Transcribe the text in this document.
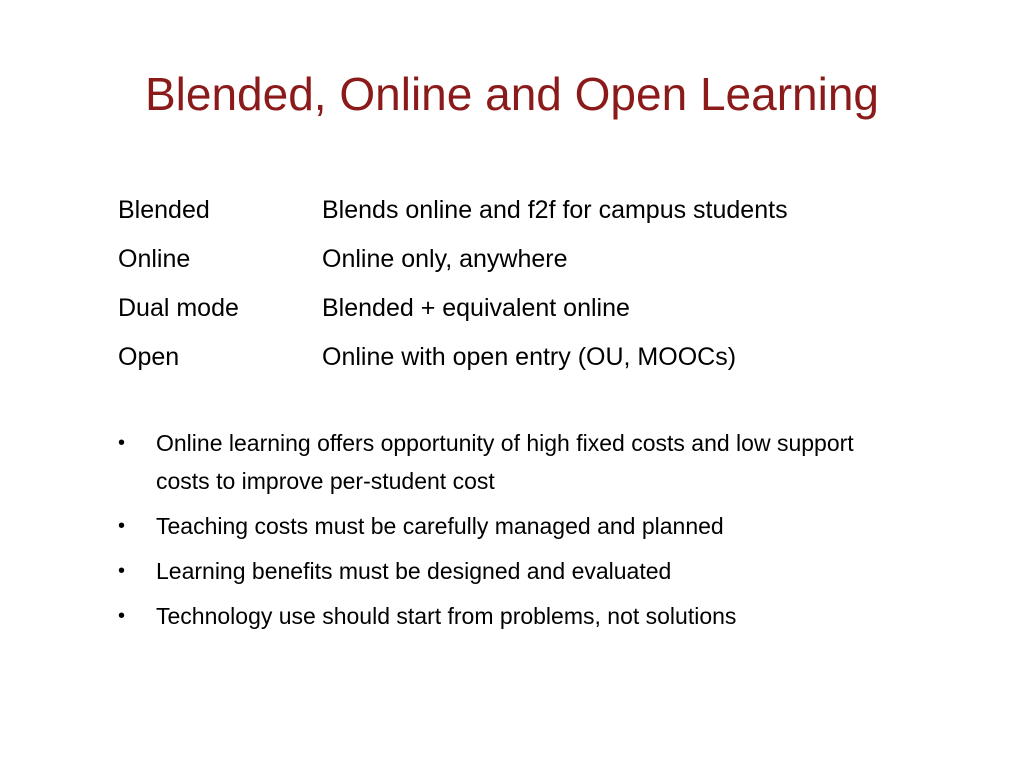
Blended, Online and Open Learning
Blended	Blends online and f2f for campus students
Online	Online only, anywhere
Dual mode	Blended + equivalent online
Open	Online with open entry (OU, MOOCs)
•	Online learning offers opportunity of high fixed costs and low support costs to improve per-student cost
•	Teaching costs must be carefully managed and planned
•	Learning benefits must be designed and evaluated
•	Technology use should start from problems, not solutions
